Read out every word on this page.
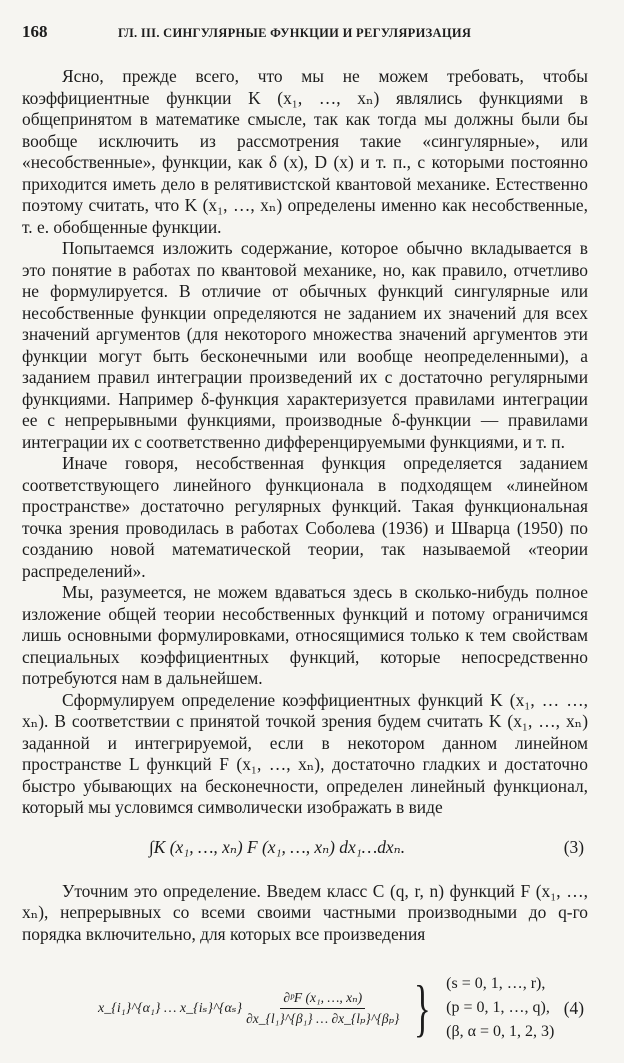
168	ГЛ. III. СИНГУЛЯРНЫЕ ФУНКЦИИ И РЕГУЛЯРИЗАЦИЯ

Ясно, прежде всего, что мы не можем требовать, чтобы коэффициентные функции K (x₁, …, xₙ) являлись функциями в общепринятом в математике смысле, так как тогда мы должны были бы вообще исключить из рассмотрения такие «сингулярные», или «несобственные», функции, как δ (x), D (x) и т. п., с которыми постоянно приходится иметь дело в релятивистской квантовой механике. Естественно поэтому считать, что K (x₁, …, xₙ) определены именно как несобственные, т. е. обобщенные функции.

Попытаемся изложить содержание, которое обычно вкладывается в это понятие в работах по квантовой механике, но, как правило, отчетливо не формулируется. В отличие от обычных функций сингулярные или несобственные функции определяются не заданием их значений для всех значений аргументов (для некоторого множества значений аргументов эти функции могут быть бесконечными или вообще неопределенными), а заданием правил интеграции произведений их с достаточно регулярными функциями. Например δ-функция характеризуется правилами интеграции ее с непрерывными функциями, производные δ-функции — правилами интеграции их с соответственно дифференцируемыми функциями, и т. п.

Иначе говоря, несобственная функция определяется заданием соответствующего линейного функционала в подходящем «линейном пространстве» достаточно регулярных функций. Такая функциональная точка зрения проводилась в работах Соболева (1936) и Шварца (1950) по созданию новой математической теории, так называемой «теории распределений».

Мы, разумеется, не можем вдаваться здесь в сколько-нибудь полное изложение общей теории несобственных функций и потому ограничимся лишь основными формулировками, относящимися только к тем свойствам специальных коэффициентных функций, которые непосредственно потребуются нам в дальнейшем.

Сформулируем определение коэффициентных функций K (x₁, … …, xₙ). В соответствии с принятой точкой зрения будем считать K (x₁, …, xₙ) заданной и интегрируемой, если в некотором данном линейном пространстве L функций F (x₁, …, xₙ), достаточно гладких и достаточно быстро убывающих на бесконечности, определен линейный функционал, который мы условимся символически изображать в виде

∫K (x₁, …, xₙ) F (x₁, …, xₙ) dx₁…dxₙ.	(3)

Уточним это определение. Введем класс C (q, r, n) функций F (x₁, …, xₙ), непрерывных со всеми своими частными производными до q-го порядка включительно, для которых все произведения

x_{i₁}^{α₁} … x_{iₛ}^{αₛ} $\frac{\text{∂ᵖF (x₁, …, xₙ)}}{\text{∂x\_\{l₁\}\textasciicircum{}\{β₁\} … ∂x\_\{lₚ\}\textasciicircum{}\{βₚ\}}}$ } (s = 0, 1, …, r),
(p = 0, 1, …, q),
(β, α = 0, 1, 2, 3)
(4)
